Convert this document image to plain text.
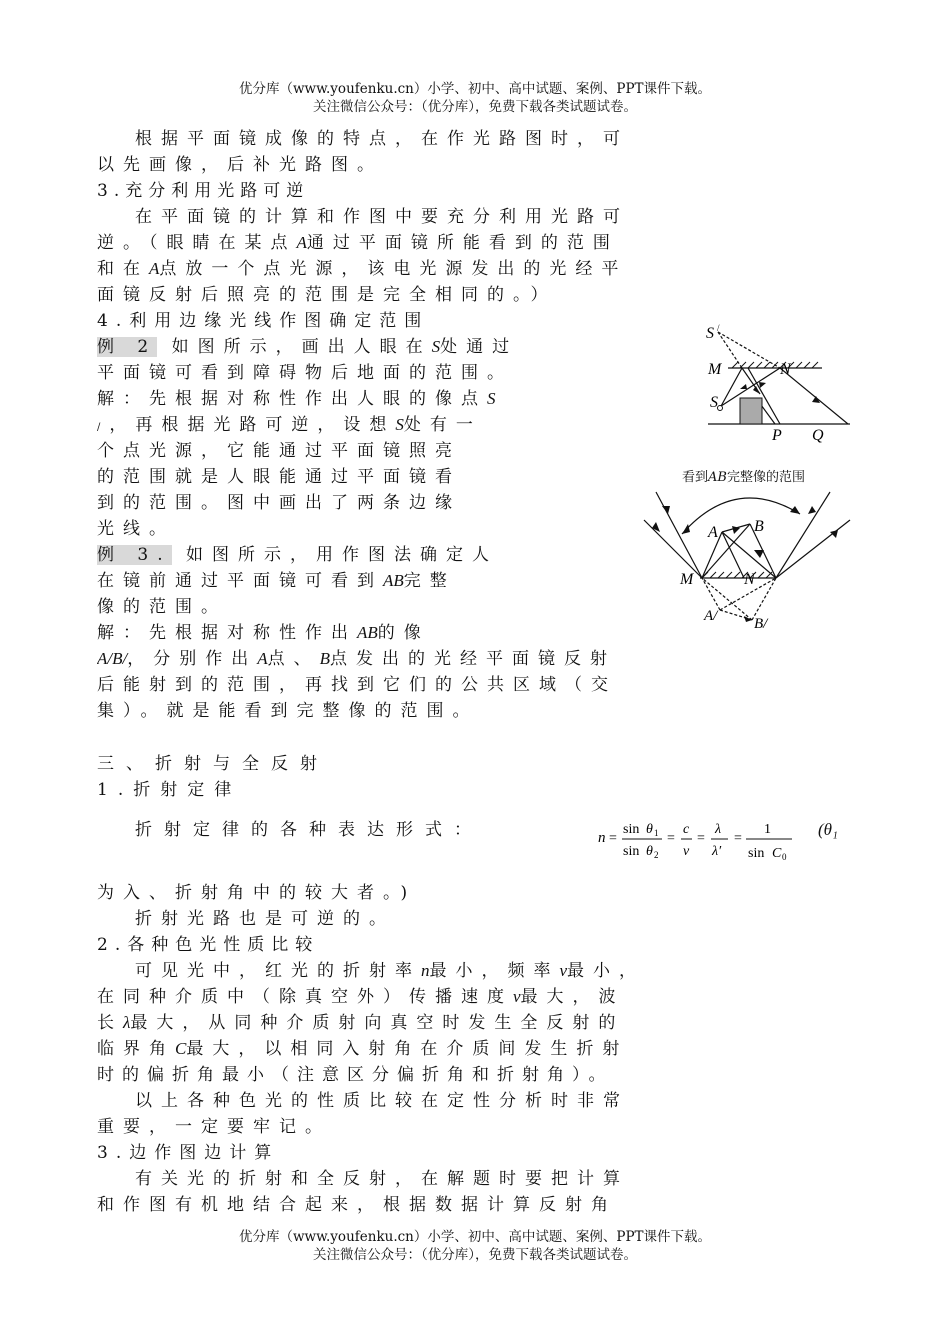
优分库（www.youfenku.cn）小学、初中、高中试题、案例、PPT课件下载。
关注微信公众号：（优分库），免费下载各类试题试卷。
根据平面镜成像的特点，在作光路图时，可
以先画像，后补光路图。
3.充分利用光路可逆
在平面镜的计算和作图中要充分利用光路可
逆。（眼睛在某点A通过平面镜所能看到的范围
和在A点放一个点光源，该电光源发出的光经平
面镜反射后照亮的范围是完全相同的。）
4.利用边缘光线作图确定范围
例 2 如图所示，画出人眼在S处通过
平面镜可看到障碍物后地面的范围。
解：先根据对称性作出人眼的像点S
/，再根据光路可逆，设想S处有一
个点光源，它能通过平面镜照亮
的范围就是人眼能通过平面镜看
到的范围。图中画出了两条边缘
光线。
例 3. 如图所示，用作图法确定人
在镜前通过平面镜可看到AB完整
像的范围。
解：先根据对称性作出AB的像
A/B/，分别作出A点、B点发出的光经平面镜反射
后能射到的范围，再找到它们的公共区域（交
集）。就是能看到完整像的范围。
三、折射与全反射
1.折射定律
折射定律的各种表达形式：	(θ₁
n =
sin θ 1
sin θ 2
=
c
v
=
λ
λ′
=
1
sin C 0
为入、折射角中的较大者。)
折射光路也是可逆的。
2.各种色光性质比较
可见光中，红光的折射率n最小，频率ν最小，
在同种介质中（除真空外）传播速度v最大，波
长λ最大，从同种介质射向真空时发生全反射的
临界角C最大，以相同入射角在介质间发生折射
时的偏折角最小（注意区分偏折角和折射角）。
以上各种色光的性质比较在定性分析时非常
重要，一定要牢记。
3.边作图边计算
有关光的折射和全反射，在解题时要把计算
和作图有机地结合起来，根据数据计算反射角
优分库（www.youfenku.cn）小学、初中、高中试题、案例、PPT课件下载。
关注微信公众号：（优分库），免费下载各类试题试卷。
S /
M	N
S
P Q
看到AB完整像的范围
A B
M	N
A/ B/
